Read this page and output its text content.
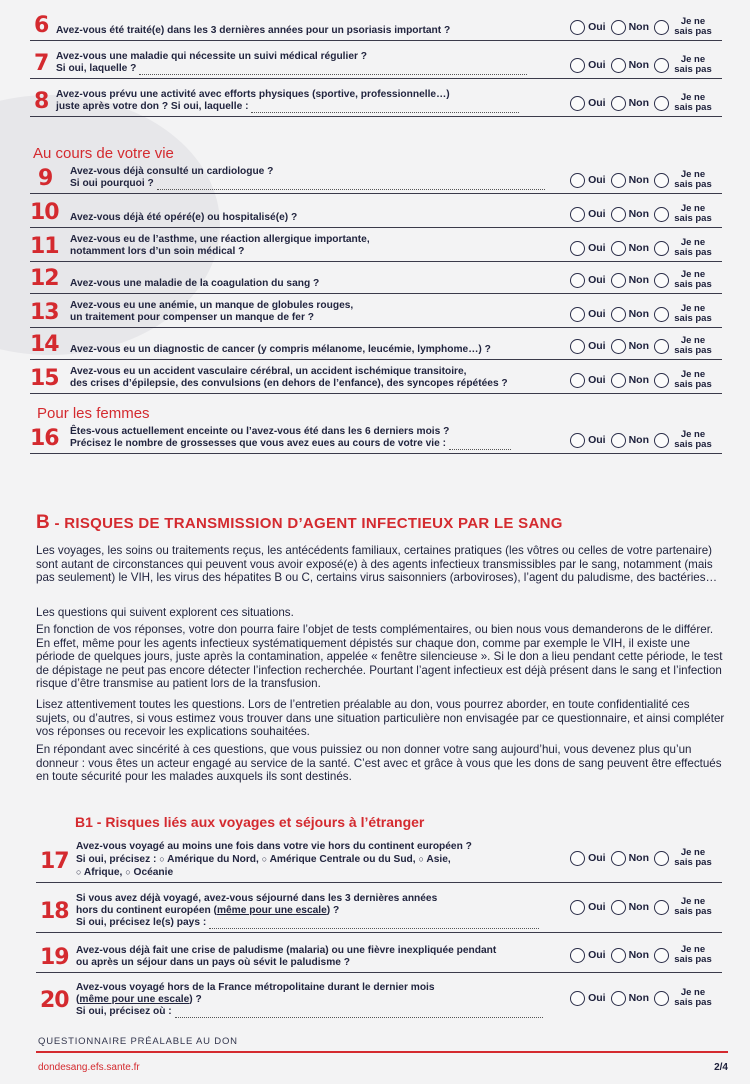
6 Avez-vous été traité(e) dans les 3 dernières années pour un psoriasis important ?	Oui Non	Je ne
sais pas
7 Avez-vous une maladie qui nécessite un suivi médical régulier ?
Si oui, laquelle ?	Oui Non	Je ne
sais pas
8 Avez-vous prévu une activité avec efforts physiques (sportive, professionnelle…)
juste après votre don ? Si oui, laquelle :	Oui Non	Je ne
sais pas
Au cours de votre vie
9 Avez-vous déjà consulté un cardiologue ?
Si oui pourquoi ?	Oui Non	Je ne
sais pas
10 Avez-vous déjà été opéré(e) ou hospitalisé(e) ?	Oui Non	Je ne
sais pas
11 Avez-vous eu de l’asthme, une réaction allergique importante,
notamment lors d’un soin médical ?	Oui Non	Je ne
sais pas
12 Avez-vous une maladie de la coagulation du sang ?	Oui Non	Je ne
sais pas
13 Avez-vous eu une anémie, un manque de globules rouges,
un traitement pour compenser un manque de fer ?	Oui Non	Je ne
sais pas
14 Avez-vous eu un diagnostic de cancer (y compris mélanome, leucémie, lymphome…) ?	Oui Non	Je ne
sais pas
15 Avez-vous eu un accident vasculaire cérébral, un accident ischémique transitoire,
des crises d’épilepsie, des convulsions (en dehors de l’enfance), des syncopes répétées ?	Oui Non	Je ne
sais pas
Pour les femmes
16 Êtes-vous actuellement enceinte ou l’avez-vous été dans les 6 derniers mois ?
Précisez le nombre de grossesses que vous avez eues au cours de votre vie :	Oui Non	Je ne
sais pas
B - RISQUES DE TRANSMISSION D’AGENT INFECTIEUX PAR LE SANG
Les voyages, les soins ou traitements reçus, les antécédents familiaux, certaines pratiques (les vôtres ou celles de votre partenaire) sont autant de circonstances qui peuvent vous avoir exposé(e) à des agents infectieux transmissibles par le sang, notamment (mais pas seulement) le VIH, les virus des hépatites B ou C, certains virus saisonniers (arboviroses), l’agent du paludisme, des bactéries…
Les questions qui suivent explorent ces situations.
En fonction de vos réponses, votre don pourra faire l’objet de tests complémentaires, ou bien nous vous demanderons de le différer. En effet, même pour les agents infectieux systématiquement dépistés sur chaque don, comme par exemple le VIH, il existe une période de quelques jours, juste après la contamination, appelée « fenêtre silencieuse ». Si le don a lieu pendant cette période, le test de dépistage ne peut pas encore détecter l’infection recherchée. Pourtant l’agent infectieux est déjà présent dans le sang et l’infection risque d’être transmise au patient lors de la transfusion.
Lisez attentivement toutes les questions. Lors de l’entretien préalable au don, vous pourrez aborder, en toute confidentialité ces sujets, ou d’autres, si vous estimez vous trouver dans une situation particulière non envisagée par ce questionnaire, et ainsi compléter vos réponses ou recevoir les explications souhaitées.
En répondant avec sincérité à ces questions, que vous puissiez ou non donner votre sang aujourd’hui, vous devenez plus qu’un donneur : vous êtes un acteur engagé au service de la santé. C’est avec et grâce à vous que les dons de sang peuvent être effectués en toute sécurité pour les malades auxquels ils sont destinés.
B1 - Risques liés aux voyages et séjours à l’étranger
17
Avez-vous voyagé au moins une fois dans votre vie hors du continent européen ?
Si oui, précisez : ○ Amérique du Nord, ○ Amérique Centrale ou du Sud, ○ Asie,
○ Afrique, ○ Océanie
Oui Non	Je ne
sais pas
18
Si vous avez déjà voyagé, avez-vous séjourné dans les 3 dernières années
hors du continent européen (même pour une escale) ?
Si oui, précisez le(s) pays :
Oui Non	Je ne
sais pas
19 Avez-vous déjà fait une crise de paludisme (malaria) ou une fièvre inexpliquée pendant
ou après un séjour dans un pays où sévit le paludisme ?
Oui Non	Je ne
sais pas
20
Avez-vous voyagé hors de la France métropolitaine durant le dernier mois
(même pour une escale) ?
Si oui, précisez où :
Oui Non	Je ne
sais pas
QUESTIONNAIRE PRÉALABLE AU DON
dondesang.efs.sante.fr	2/4
